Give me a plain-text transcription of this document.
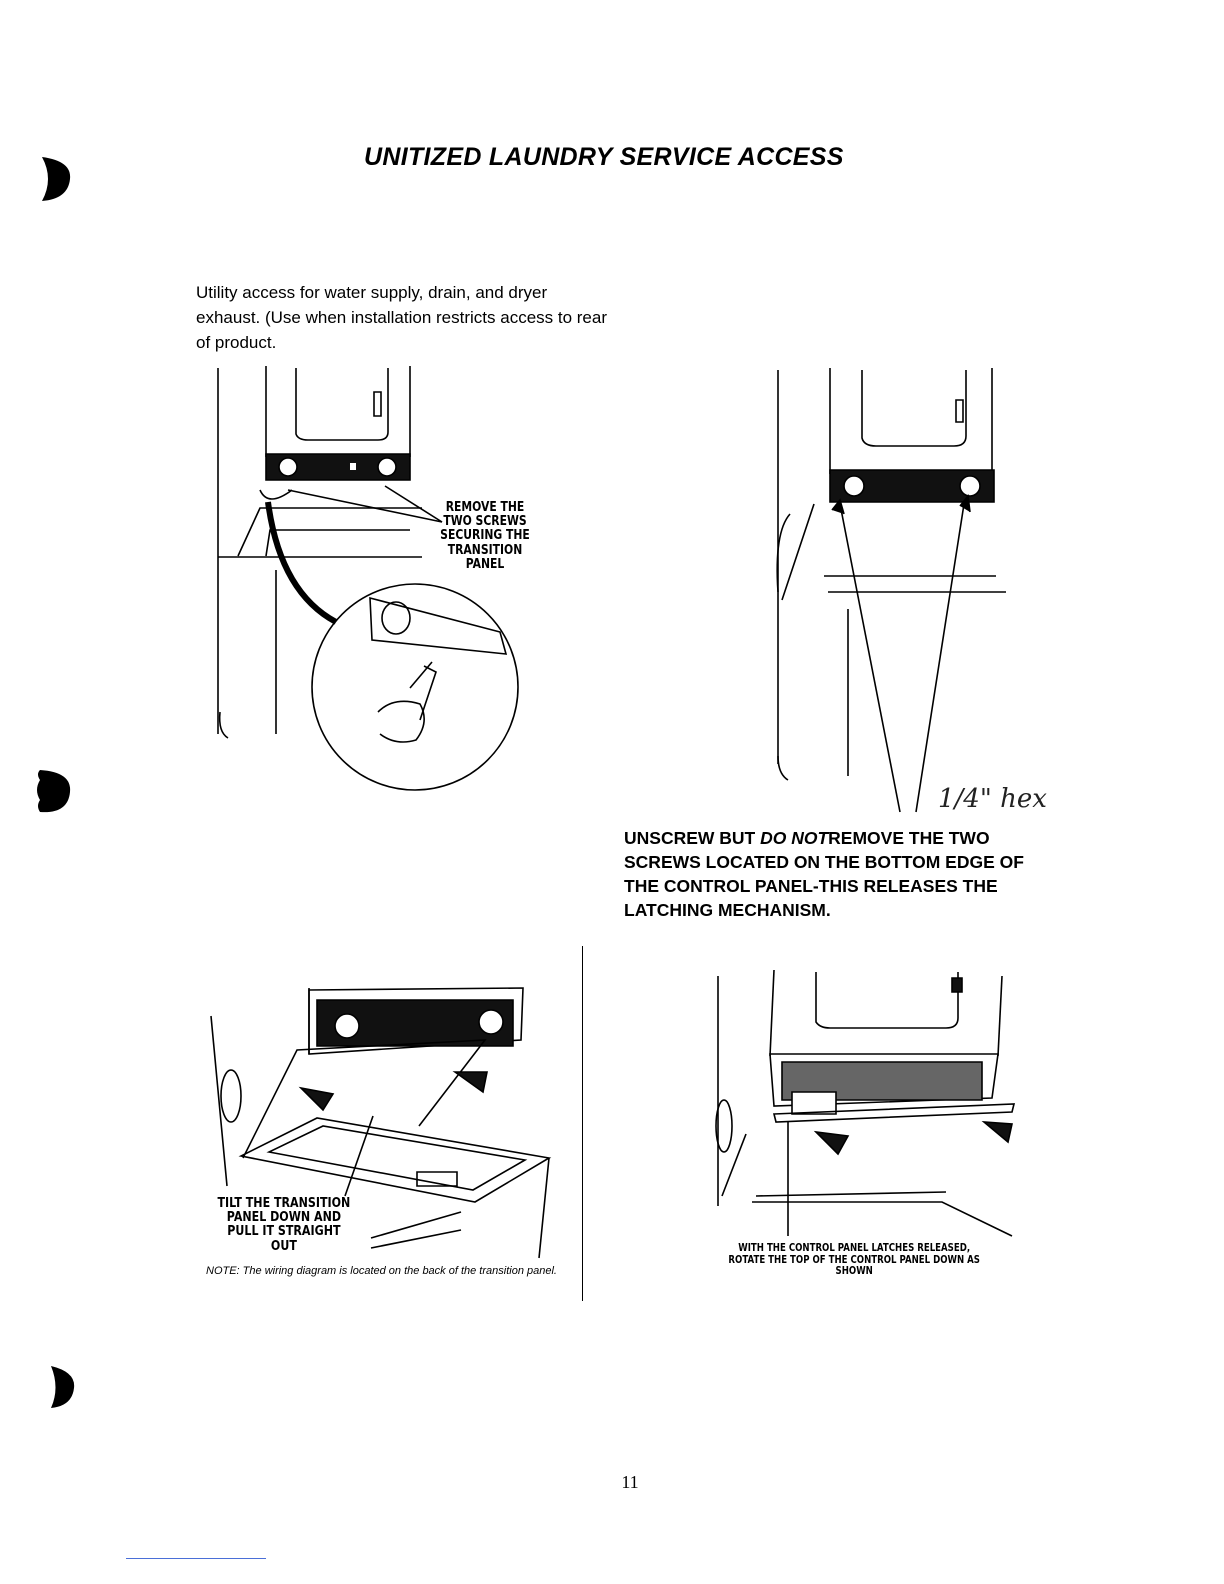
UNITIZED LAUNDRY SERVICE ACCESS
Utility access for water supply, drain, and dryer exhaust. (Use when installation restricts access to rear of product.
REMOVE THE
TWO SCREWS
SECURING THE
TRANSITION
PANEL
1/4" hex
UNSCREW BUT DO NOTREMOVE THE TWO SCREWS LOCATED ON THE BOTTOM EDGE OF THE CONTROL PANEL-THIS RELEASES THE LATCHING MECHANISM.
TILT THE TRANSITION
PANEL DOWN AND
PULL IT STRAIGHT
OUT
NOTE: The wiring diagram is located on the back of the transition panel.
WITH THE CONTROL PANEL LATCHES RELEASED,
ROTATE THE TOP OF THE CONTROL PANEL DOWN AS
SHOWN
11
